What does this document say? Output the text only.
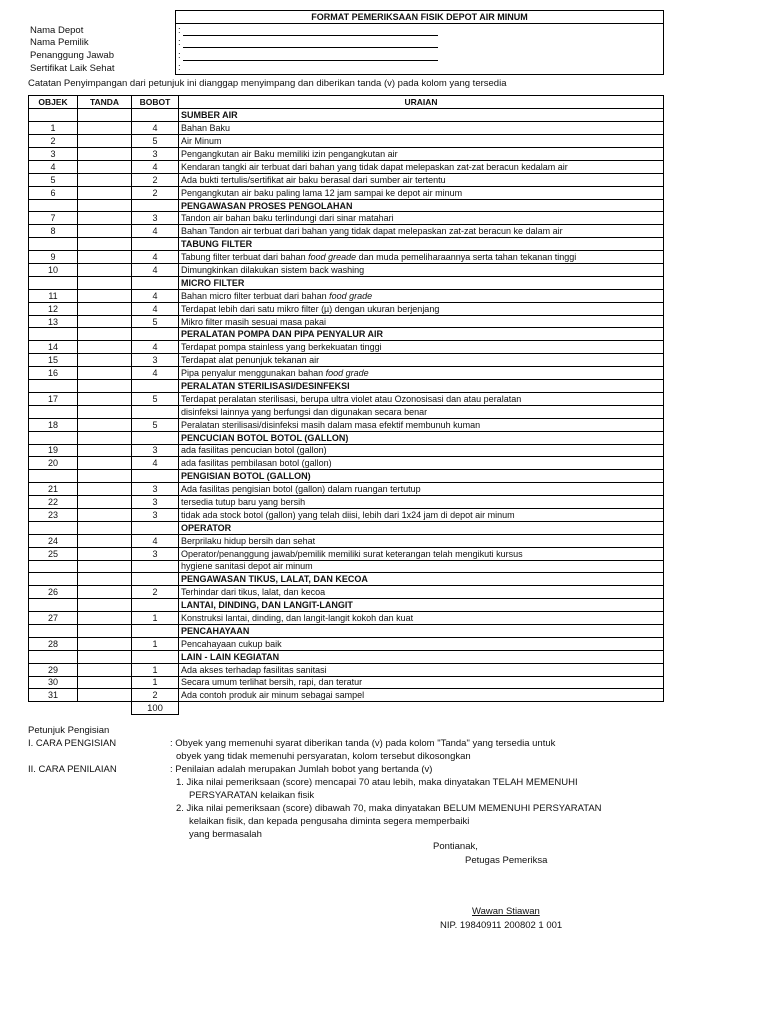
	FORMAT PEMERIKSAAN FISIK DEPOT AIR MINUM
Nama Depot	:
Nama Pemilik	:
Penanggung Jawab	:
Sertifikat Laik Sehat	:
Catatan Penyimpangan dari petunjuk ini dianggap menyimpang dan diberikan tanda (v) pada kolom yang tersedia
OBJEK	TANDA	BOBOT	URAIAN
			SUMBER AIR
1		4	Bahan Baku
2		5	Air Minum
3		3	Pengangkutan air Baku memiliki izin pengangkutan air
4		4	Kendaran tangki air terbuat dari bahan yang tidak dapat melepaskan zat-zat beracun kedalam air
5		2	Ada bukti tertulis/sertifikat air baku berasal dari sumber air tertentu
6		2	Pengangkutan air baku paling lama 12 jam sampai ke depot air minum
			PENGAWASAN PROSES PENGOLAHAN
7		3	Tandon air bahan baku terlindungi dari sinar matahari
8		4	Bahan Tandon air terbuat dari bahan yang tidak dapat melepaskan zat-zat beracun ke dalam air
			TABUNG FILTER
9		4	Tabung filter terbuat dari bahan food greade dan muda pemeliharaannya serta tahan tekanan tinggi
10		4	Dimungkinkan dilakukan sistem back washing
			MICRO FILTER
11		4	Bahan micro filter terbuat dari bahan food grade
12		4	Terdapat lebih dari satu mikro filter (µ) dengan ukuran berjenjang
13		5	Mikro filter masih sesuai masa pakai
			PERALATAN POMPA DAN PIPA PENYALUR AIR
14		4	Terdapat pompa stainless yang berkekuatan tinggi
15		3	Terdapat alat penunjuk tekanan air
16		4	Pipa penyalur menggunakan bahan food grade
			PERALATAN STERILISASI/DESINFEKSI
17		5	Terdapat peralatan sterilisasi, berupa ultra violet atau Ozonosisasi dan atau peralatan
			disinfeksi lainnya yang berfungsi dan digunakan secara benar
18		5	Peralatan sterilisasi/disinfeksi masih dalam masa efektif membunuh kuman
			PENCUCIAN BOTOL BOTOL (GALLON)
19		3	ada fasilitas pencucian botol (gallon)
20		4	ada fasilitas pembilasan botol (gallon)
			PENGISIAN BOTOL (GALLON)
21		3	Ada fasilitas pengisian botol (gallon) dalam ruangan tertutup
22		3	tersedia tutup baru yang bersih
23		3	tidak ada stock botol (gallon) yang telah diisi, lebih dari 1x24 jam di depot air minum
			OPERATOR
24		4	Berprilaku hidup bersih dan sehat
25		3	Operator/penanggung jawab/pemilik memiliki surat keterangan telah mengikuti kursus
			hygiene sanitasi depot air minum
			PENGAWASAN TIKUS, LALAT, DAN KECOA
26		2	Terhindar dari tikus, lalat, dan kecoa
			LANTAI, DINDING, DAN LANGIT-LANGIT
27		1	Konstruksi lantai, dinding, dan langit-langit kokoh dan kuat
			PENCAHAYAAN
28		1	Pencahayaan cukup baik
			LAIN - LAIN KEGIATAN
29		1	Ada akses terhadap fasilitas sanitasi
30		1	Secara umum terlihat bersih, rapi, dan teratur
31		2	Ada contoh produk air minum sebagai sampel
		100	
Petunjuk Pengisian
I. CARA PENGISIAN	: Obyek yang memenuhi syarat diberikan tanda (v) pada kolom "Tanda" yang tersedia untuk
obyek yang tidak memenuhi persyaratan, kolom tersebut dikosongkan
II. CARA PENILAIAN	: Penilaian adalah merupakan Jumlah bobot yang bertanda (v)
1. Jika nilai pemeriksaan (score) mencapai 70 atau lebih, maka dinyatakan TELAH MEMENUHI
PERSYARATAN kelaikan fisik
2. Jika nilai pemeriksaan (score) dibawah 70, maka dinyatakan BELUM MEMENUHI PERSYARATAN
kelaikan fisik, dan kepada pengusaha diminta segera memperbaiki
yang bermasalah
Pontianak,
Petugas Pemeriksa
Wawan Stiawan
NIP. 19840911 200802 1 001
